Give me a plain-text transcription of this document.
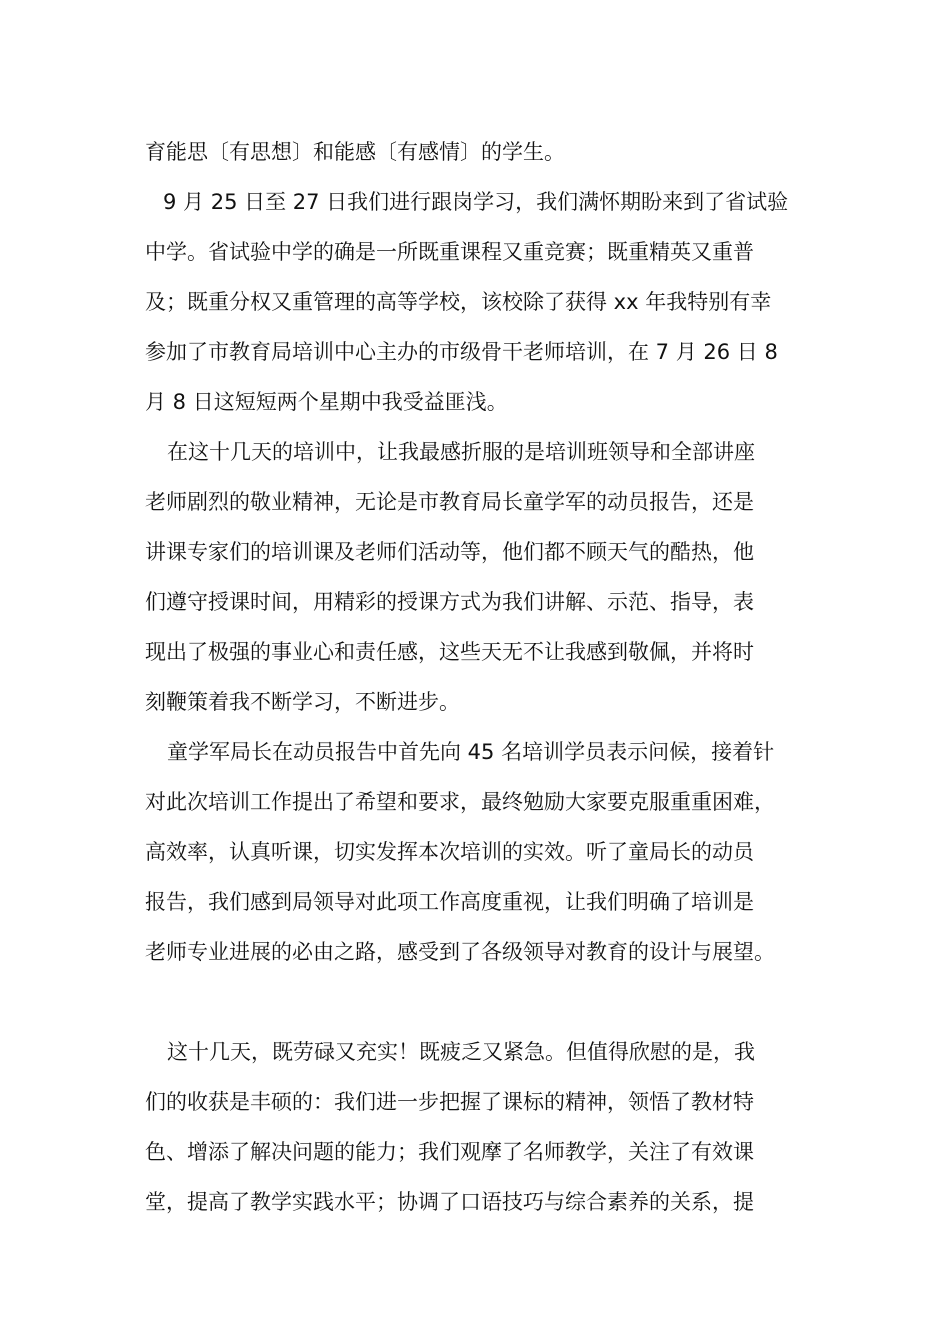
育能思〔有思想〕和能感〔有感情〕的学生。
9 月 25 日至 27 日我们进行跟岗学习，我们满怀期盼来到了省试验
中学。省试验中学的确是一所既重课程又重竞赛；既重精英又重普
及；既重分权又重管理的高等学校，该校除了获得 xx 年我特别有幸
参加了市教育局培训中心主办的市级骨干老师培训，在 7 月 26 日 8
月 8 日这短短两个星期中我受益匪浅。
在这十几天的培训中，让我最感折服的是培训班领导和全部讲座
老师剧烈的敬业精神，无论是市教育局长童学军的动员报告，还是
讲课专家们的培训课及老师们活动等，他们都不顾天气的酷热，他
们遵守授课时间，用精彩的授课方式为我们讲解、示范、指导，表
现出了极强的事业心和责任感，这些天无不让我感到敬佩，并将时
刻鞭策着我不断学习，不断进步。
童学军局长在动员报告中首先向 45 名培训学员表示问候，接着针
对此次培训工作提出了希望和要求，最终勉励大家要克服重重困难，
高效率，认真听课，切实发挥本次培训的实效。听了童局长的动员
报告，我们感到局领导对此项工作高度重视，让我们明确了培训是
老师专业进展的必由之路，感受到了各级领导对教育的设计与展望。
这十几天，既劳碌又充实！既疲乏又紧急。但值得欣慰的是，我
们的收获是丰硕的：我们进一步把握了课标的精神，领悟了教材特
色、增添了解决问题的能力；我们观摩了名师教学，关注了有效课
堂，提高了教学实践水平；协调了口语技巧与综合素养的关系，提
